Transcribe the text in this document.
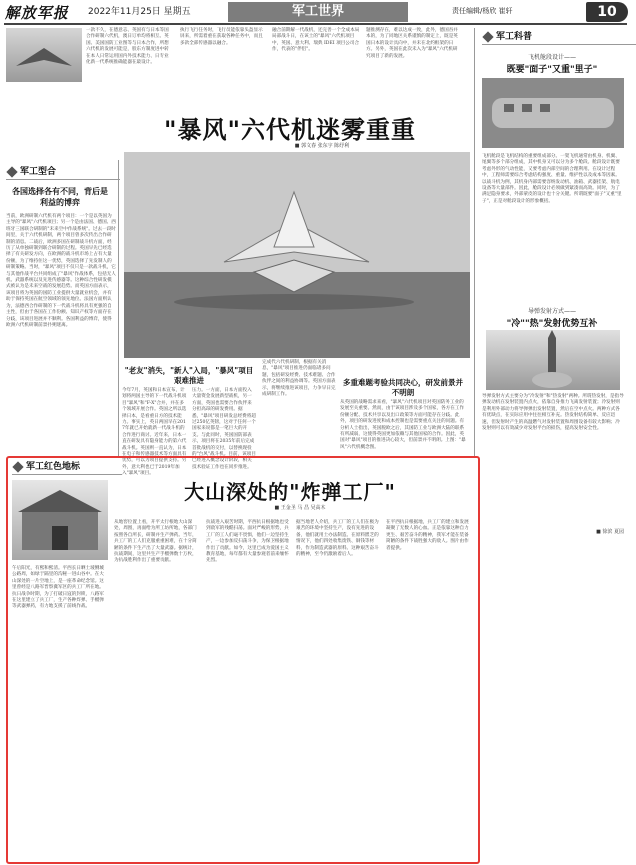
解放军报 2022年11月25日 星期五	军工世界	责任编辑/杨欣 崔轩	10
一款不久，在德意志、英国有与日本等国合作研制六代机，澳日订单均将相互。英国、美国国防工业图等与日本合作，所想六代机的发展可能是，股东方制度进中转在本人日常运用国内外技术能力、日专业化新一代系统推确能器在最设计。
执行飞行任务时，飞行员能依靠头盔显示屏来，所需着重在获取各种任务中，而且多款全部传感器以融合。
融合前期解一代战机，还完善一个全成本局局部战斗日，在该土的"暴风"六代机项目中，英国、意大利、瑞典 IDEI 项目公司合作，代表的"伴侣"。
题推测存在，难以达成一致，此外，德国吞并本的，为了同地区关系谨慎的制定上，既是英国日本的设计具向中，并未在北约框架的日方。另外，英国在此次未入为"暴风"六代机研究项目了新的发展。
"暴风"六代机迷雾重重
■ 郭文春 张东宇 陈纾利
军工型合
各国选择各有不同，背后是利益的博弈
当前，欧洲研制六代机有两个项目：一个是以英国为主导的"暴风"六代机项目；另一个是由法国、德国、西班牙三国联合研制的"未来空中作战系统"。过去一段时间里，关于六代机研制，两个项目曾多次传出合作研制的消息。二战后，欧洲多国在研制战斗机方面，经历了从单独研制到联合研制的过程。英国早先已经选择了有关研发方向，在欧洲的战斗机市场上占有大量份额，为了维持住这一优势，英国选择了先发制人的研制策略。当时，"暴风"项目不仅只是一款战斗机，它与其他作战平台共同组成了"暴风"作战体系，包括无人机、武器系统以及先进传感器等。这种综合性研发模式被认为是未来空战的发展趋势。而英国方面表示，该项目将为英国的国防工业提供大量就业机会，并有助于保持英国在航空领域的领先地位。法国方面则认为，法德西合作研制的下一代战斗机将具有更强的自主性，但由于各国在工作份额、知识产权等方面存在分歧，该项目进展并不顺利。各国利益的博弈，使得欧洲六代机研制前景扑朔迷离。
"老友"消失，"新人"入局，"暴风"项目艰难推进
今年7月，英国和日本宣布，计划将两国主导的下一代战斗机项目"暴风"和"F-X"合并，并在多个领域开展合作。英国之所以选择日本，是看重日方的技术能力。事实上，英日两国早在2017年就已开始就新一代战斗机的合作进行商讨。近年来，日本一直在研发具有隐身能力的第六代战斗机。英国则一直认为，日本在电子和传感器技术等方面具有优势，可以为项目提供支持。另外，意大利也已于2019年加入"暴风"项目。
压力。一方面，日本方面投入大量资金发展新型战机，另一方面，英国也需要合作伙伴来分担高昂的研发费用。据悉，"暴风"项目研发总经费将超过250亿英镑，这对于任何一个国家来说都是一笔巨大的开支。与此同时，英国国防部表示，项目将在2035年前后完成首批战机的交付，以替换现役的"台风"战斗机。目前，该项目已经进入概念设计阶段，相关技术验证工作也在同步推进。
完成代六代机研制，根据有关消息，"暴风"项目推进仍面临诸多问题，包括研发经费、技术难题、合作伙伴之间的利益协调等。英国方面表示，将继续推进该项目，力争早日完成研制工作。
多重难题考验共同决心，研发前景并不明朗
从英国的战略需求来看，"暴风"六代机项目对英国防务工业的发展至关重要。然而，由于该项目涉及多个国家，各方在工作份额分配、技术共享以及出口政策等方面可能存在分歧。此外，项目的研发进度和成本控制也是需要重点关注的问题。有分析人士指出，英国脱欧之后，其国防工业与欧洲大陆的联系有所减弱，这使得英国更加依赖与其他国家的合作。因此，英国对"暴风"项目的推进决心较大，但前景并不明朗。上图："暴风"六代机概念图。
军工科普
飞机舱段设计——
既要"面子"又重"里子"
飞机舱段是飞机结构的重要组成部分。一架飞机通常由机身、机翼、尾翼等多个部分组成，其中机身又可以分为多个舱段。舱段设计既要考虑外形的气动性能，又要考虑内部空间的合理利用。在设计过程中，工程师需要综合考虑结构强度、重量、维护性以及成本等因素。以战斗机为例，其机身内部需要容纳发动机、油箱、武器挂架、航电设备等大量部件。因此，舱段设计必须做到紧凑而高效。同时，为了满足隐身要求，外部蒙皮的设计也十分关键。所谓既要"面子"又重"里子"，正是对舱段设计的形象概括。
导弹发射方式——
"冷""热"发射优势互补
导弹发射方式主要分为"冷发射"和"热发射"两种。所谓热发射，是指导弹发动机在发射装置内点火，依靠自身推力飞离发射装置；冷发射则是利用外部动力将导弹弹出发射装置，然后在空中点火。两种方式各有优缺点，在实际应用中往往相互补充。热发射结构简单、反应迅速，但发射时产生的高温燃气对发射装置和周围设备有较大影响；冷发射则可以有效减少对发射平台的损伤，提高发射安全性。
■ 徐滨 夏园
军工红色地标
大山深处的"炸弹工厂"
■ 王金圣 马 昌 吴高木
午后阳光，有熙和熙清。平西长日晒土坡侧城公路周，如绿于隔里的沟秘一进山谷中。在大山深处的一片空地上，是一座革命纪念馆。这里曾经是八路军晋察冀军区的兵工厂所在地。抗日战争时期，为了打破日寇的封锁，八路军在这里建立了兵工厂，生产各种炸弹、手榴弹等武器弹药，有力地支援了前线作战。
从地窖位置上看，开平太行根地大山深处，周围，再面给为所工坊所地，各部门按照各自所长，研制并生产弹药。当年，兵工厂的工人们克服重重困难，在十分简陋的条件下生产出了大量武器。据统计，抗战期间，这里共生产手榴弹数十万枚，为抗战胜利作出了重要贡献。
抗战进入艰苦时期，平西抗日根据地也受到敌军的残酷扫荡。面对严峻的形势，兵工厂的工人们毫不畏惧，他们一边坚持生产，一边参加反扫荡斗争，为保卫根据地作出了贡献。如今，这里已成为爱国主义教育基地，每年都有大量参观者前来缅怀先烈。
据当地老人介绍，兵工厂的工人们在极为艰苦的环境中坚持生产，没有先进的设备，他们就用土办法制造。在原料匮乏的情况下，他们四处收集废铁、铜钱等材料，作为制造武器的原料。这种艰苦奋斗的精神，至今仍激励着后人。
在平西抗日根据地，兵工厂的建立和发展凝聚了无数人的心血。正是依靠这种自力更生、艰苦奋斗的精神，我军才能在装备简陋的条件下战胜强大的敌人。图片由作者提供。
